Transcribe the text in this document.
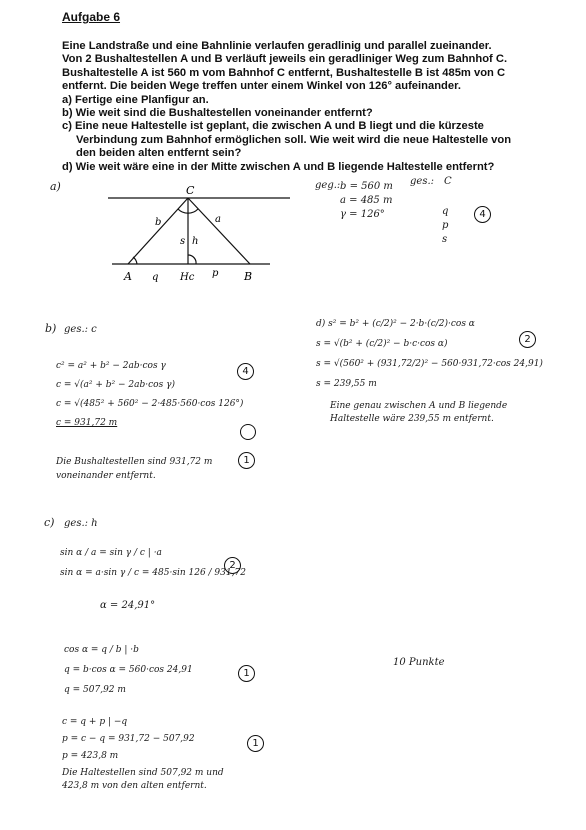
Aufgabe 6

Eine Landstraße und eine Bahnlinie verlaufen geradlinig und parallel zueinander.

Von 2 Bushaltestellen A und B verläuft jeweils ein geradliniger Weg zum Bahnhof C.

Bushaltestelle A ist 560 m vom Bahnhof C entfernt, Bushaltestelle B ist 485m von C

entfernt. Die beiden Wege treffen unter einem Winkel von 126° aufeinander.

a) Fertige eine Planfigur an.

b) Wie weit sind die Bushaltestellen voneinander entfernt?

c) Eine neue Haltestelle ist geplant, die zwischen A und B liegt und die kürzeste

Verbindung zum Bahnhof ermöglichen soll. Wie weit wird die neue Haltestelle von

den beiden alten entfernt sein?

d) Wie weit wäre eine in der Mitte zwischen A und B liegende Haltestelle entfernt?

a)	C
A	B
Hc
q	p
b	a
s h
geg.: b = 560 m
a = 485 m
γ = 126°
ges.: C
q
p
s
4
b) ges.: c
c² = a² + b² − 2ab·cos γ
c = √(a² + b² − 2ab·cos γ)
c = √(485² + 560² − 2·485·560·cos 126°)
c = 931,72 m
Die Bushaltestellen sind 931,72 m
voneinander entfernt.
4
1
d) s² = b² + (c/2)² − 2·b·(c/2)·cos α
s = √(b² + (c/2)² − b·c·cos α)
s = √(560² + (931,72/2)² − 560·931,72·cos 24,91)
s = 239,55 m
Eine genau zwischen A und B liegende
Haltestelle wäre 239,55 m entfernt.
2
c) ges.: h
sin α / a = sin γ / c | ·a
sin α = a·sin γ / c = 485·sin 126 / 931,72
α = 24,91°
2
cos α = q / b | ·b
q = b·cos α = 560·cos 24,91
q = 507,92 m
1
10 Punkte
c = q + p | −q
p = c − q = 931,72 − 507,92
p = 423,8 m
Die Haltestellen sind 507,92 m und
423,8 m von den alten entfernt.
1
